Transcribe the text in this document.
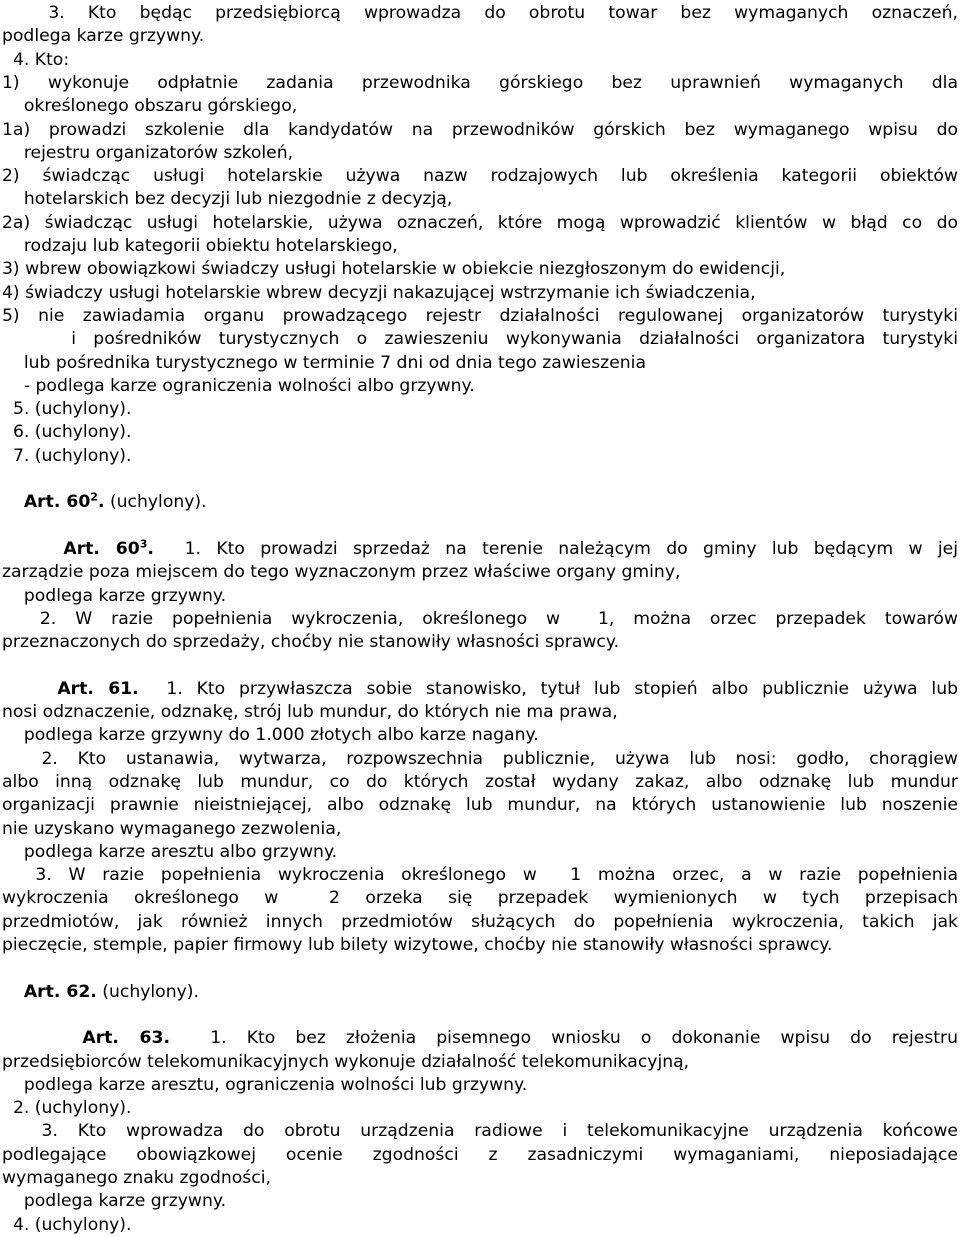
3. Kto będąc przedsiębiorcą wprowadza do obrotu towar bez wymaganych oznaczeń,
podlega karze grzywny.
4. Kto:
1) wykonuje odpłatnie zadania przewodnika górskiego bez uprawnień wymaganych dla
określonego obszaru górskiego,
1a) prowadzi szkolenie dla kandydatów na przewodników górskich bez wymaganego wpisu do
rejestru organizatorów szkoleń,
2) świadcząc usługi hotelarskie używa nazw rodzajowych lub określenia kategorii obiektów
hotelarskich bez decyzji lub niezgodnie z decyzją,
2a) świadcząc usługi hotelarskie, używa oznaczeń, które mogą wprowadzić klientów w błąd co do
rodzaju lub kategorii obiektu hotelarskiego,
3) wbrew obowiązkowi świadczy usługi hotelarskie w obiekcie niezgłoszonym do ewidencji,
4) świadczy usługi hotelarskie wbrew decyzji nakazującej wstrzymanie ich świadczenia,
5) nie zawiadamia organu prowadzącego rejestr działalności regulowanej organizatorów turystyki
i pośredników turystycznych o zawieszeniu wykonywania działalności organizatora turystyki
lub pośrednika turystycznego w terminie 7 dni od dnia tego zawieszenia
- podlega karze ograniczenia wolności albo grzywny.
5. (uchylony).
6. (uchylony).
7. (uchylony).
Art. $60^2$. (uchylony).
Art. $60^3$.  1. Kto prowadzi sprzedaż na terenie należącym do gminy lub będącym w jej
zarządzie poza miejscem do tego wyznaczonym przez właściwe organy gminy,
podlega karze grzywny.
2. W razie popełnienia wykroczenia, określonego w  1, można orzec przepadek towarów
przeznaczonych do sprzedaży, choćby nie stanowiły własności sprawcy.
Art. 61.  1. Kto przywłaszcza sobie stanowisko, tytuł lub stopień albo publicznie używa lub
nosi odznaczenie, odznakę, strój lub mundur, do których nie ma prawa,
podlega karze grzywny do 1.000 złotych albo karze nagany.
2. Kto ustanawia, wytwarza, rozpowszechnia publicznie, używa lub nosi: godło, chorągiew
albo inną odznakę lub mundur, co do których został wydany zakaz, albo odznakę lub mundur
organizacji prawnie nieistniejącej, albo odznakę lub mundur, na których ustanowienie lub noszenie
nie uzyskano wymaganego zezwolenia,
podlega karze aresztu albo grzywny.
3. W razie popełnienia wykroczenia określonego w  1 można orzec, a w razie popełnienia
wykroczenia określonego w  2 orzeka się przepadek wymienionych w tych przepisach
przedmiotów, jak również innych przedmiotów służących do popełnienia wykroczenia, takich jak
pieczęcie, stemple, papier firmowy lub bilety wizytowe, choćby nie stanowiły własności sprawcy.
Art. 62. (uchylony).
Art. 63.  1. Kto bez złożenia pisemnego wniosku o dokonanie wpisu do rejestru
przedsiębiorców telekomunikacyjnych wykonuje działalność telekomunikacyjną,
podlega karze aresztu, ograniczenia wolności lub grzywny.
2. (uchylony).
3. Kto wprowadza do obrotu urządzenia radiowe i telekomunikacyjne urządzenia końcowe
podlegające obowiązkowej ocenie zgodności z zasadniczymi wymaganiami, nieposiadające
wymaganego znaku zgodności,
podlega karze grzywny.
4. (uchylony).
